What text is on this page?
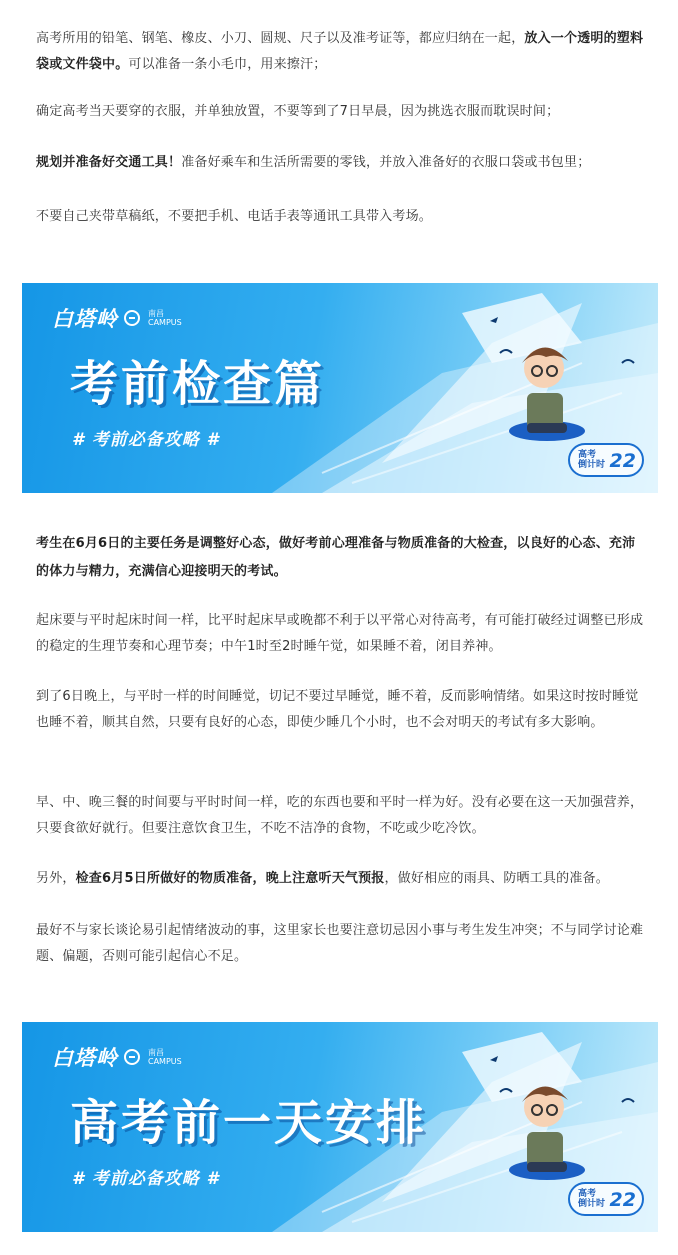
高考所用的铅笔、钢笔、橡皮、小刀、圆规、尺子以及准考证等，都应归纳在一起，放入一个透明的塑料袋或文件袋中。可以准备一条小毛巾，用来擦汗；
确定高考当天要穿的衣服，并单独放置，不要等到了7日早晨，因为挑选衣服而耽误时间；
规划并准备好交通工具！准备好乘车和生活所需要的零钱，并放入准备好的衣服口袋或书包里；
不要自己夹带草稿纸，不要把手机、电话手表等通讯工具带入考场。
白塔岭	南昌
CAMPUS
考前检查篇
# 考前必备攻略 #
高考
倒计时 22
考生在6月6日的主要任务是调整好心态，做好考前心理准备与物质准备的大检查，以良好的心态、充沛的体力与精力，充满信心迎接明天的考试。
起床要与平时起床时间一样，比平时起床早或晚都不利于以平常心对待高考，有可能打破经过调整已形成的稳定的生理节奏和心理节奏；中午1时至2时睡午觉，如果睡不着，闭目养神。
到了6日晚上，与平时一样的时间睡觉，切记不要过早睡觉，睡不着，反而影响情绪。如果这时按时睡觉也睡不着，顺其自然，只要有良好的心态，即使少睡几个小时，也不会对明天的考试有多大影响。
早、中、晚三餐的时间要与平时时间一样，吃的东西也要和平时一样为好。没有必要在这一天加强营养，只要食欲好就行。但要注意饮食卫生，不吃不洁净的食物，不吃或少吃冷饮。
另外，检查6月5日所做好的物质准备，晚上注意听天气预报，做好相应的雨具、防晒工具的准备。
最好不与家长谈论易引起情绪波动的事，这里家长也要注意切忌因小事与考生发生冲突；不与同学讨论难题、偏题，否则可能引起信心不足。
白塔岭	南昌
CAMPUS
高考前一天安排
# 考前必备攻略 #
高考
倒计时 22
